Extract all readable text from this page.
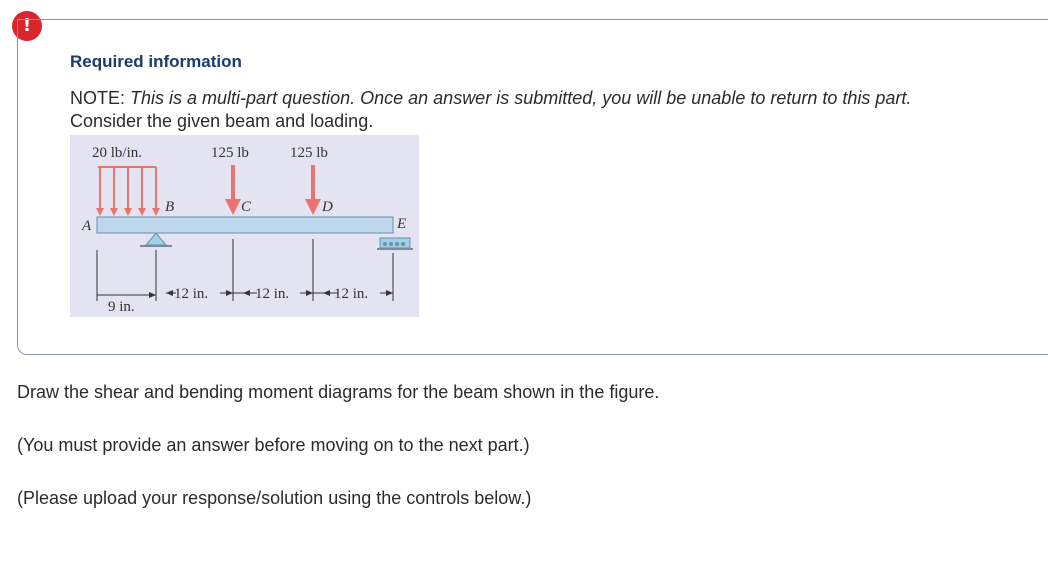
!
Required information
NOTE: This is a multi-part question. Once an answer is submitted, you will be unable to return to this part.
Consider the given beam and loading.
20 lb/in.	125 lb	125 lb
A
B	C	D
E
12 in.	12 in.	12 in.
9 in.
Draw the shear and bending moment diagrams for the beam shown in the figure.
(You must provide an answer before moving on to the next part.)
(Please upload your response/solution using the controls below.)
